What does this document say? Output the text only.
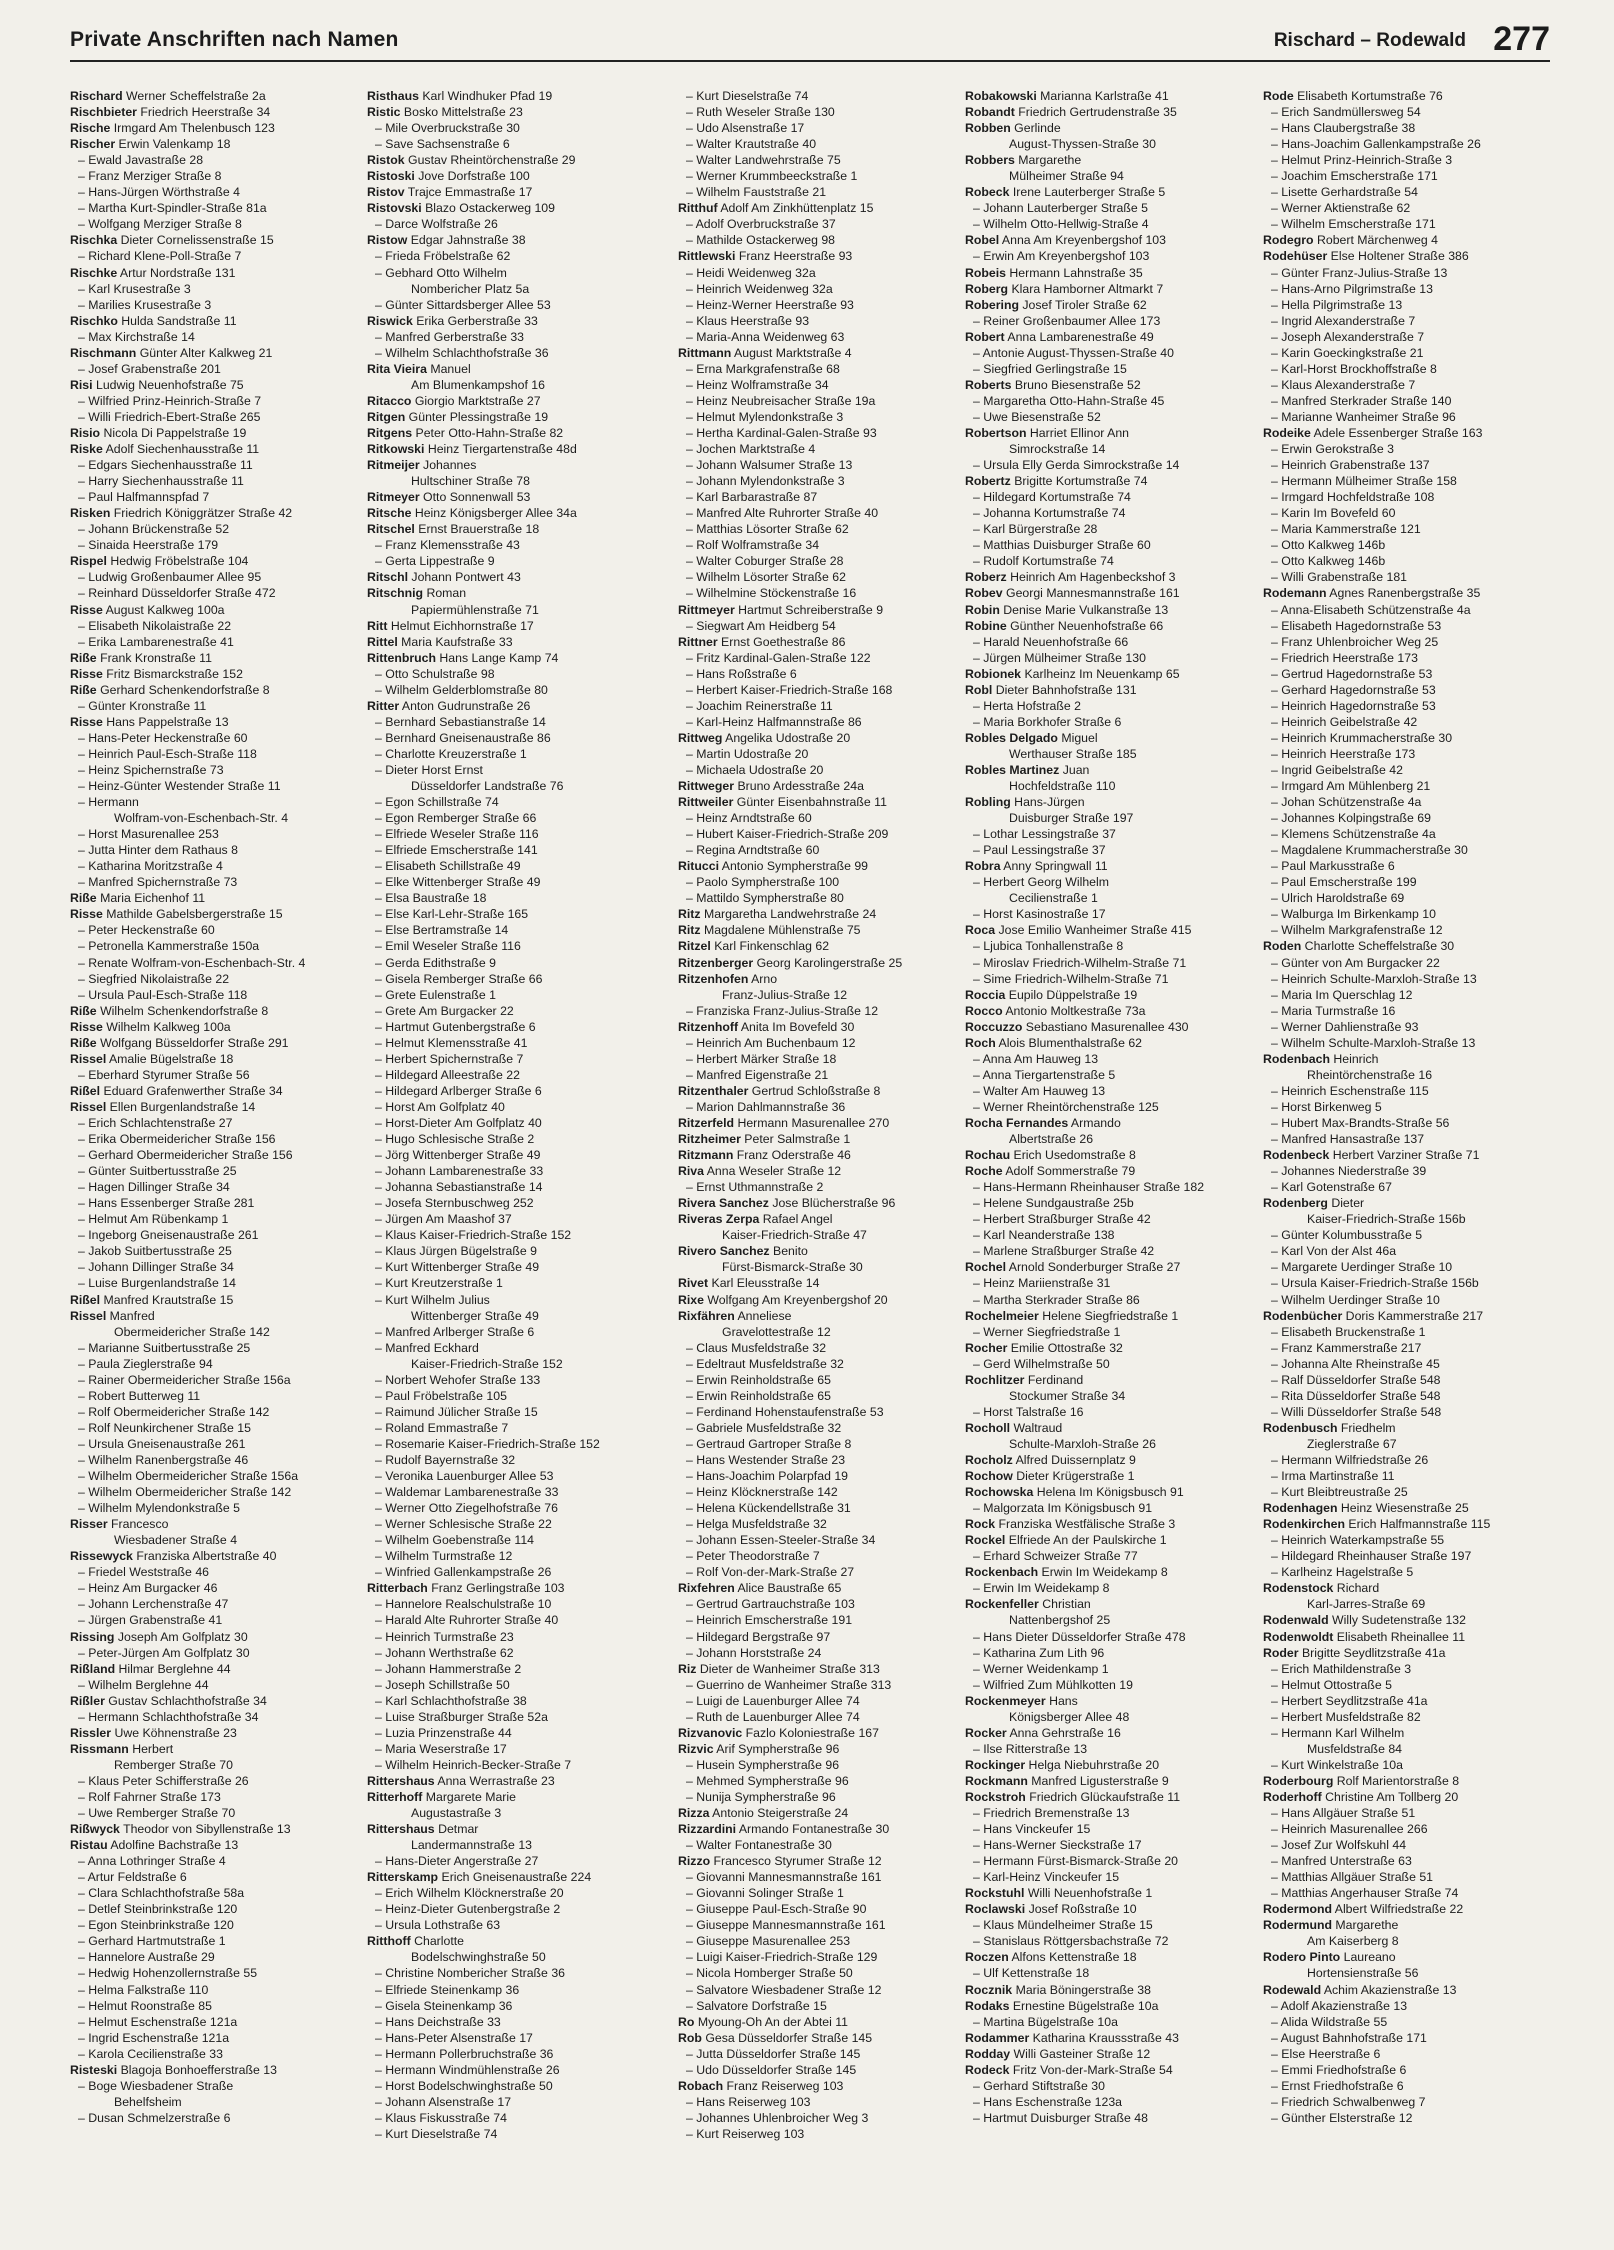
Private Anschriften nach Namen	Rischard – Rodewald 277
Rischard Werner Scheffelstraße 2a
Rischbieter Friedrich Heerstraße 34
Rische Irmgard Am Thelenbusch 123
Rischer Erwin Valenkamp 18
– Ewald Javastraße 28
– Franz Merziger Straße 8
– Hans-Jürgen Wörthstraße 4
– Martha Kurt-Spindler-Straße 81a
– Wolfgang Merziger Straße 8
Rischka Dieter Cornelissenstraße 15
– Richard Klene-Poll-Straße 7
Rischke Artur Nordstraße 131
– Karl Krusestraße 3
– Marilies Krusestraße 3
Rischko Hulda Sandstraße 11
– Max Kirchstraße 14
Rischmann Günter Alter Kalkweg 21
– Josef Grabenstraße 201
Risi Ludwig Neuenhofstraße 75
– Wilfried Prinz-Heinrich-Straße 7
– Willi Friedrich-Ebert-Straße 265
Risio Nicola Di Pappelstraße 19
Riske Adolf Siechenhausstraße 11
– Edgars Siechenhausstraße 11
– Harry Siechenhausstraße 11
– Paul Halfmannspfad 7
Risken Friedrich Königgrätzer Straße 42
– Johann Brückenstraße 52
– Sinaida Heerstraße 179
Rispel Hedwig Fröbelstraße 104
– Ludwig Großenbaumer Allee 95
– Reinhard Düsseldorfer Straße 472
Risse August Kalkweg 100a
– Elisabeth Nikolaistraße 22
– Erika Lambarenestraße 41
Riße Frank Kronstraße 11
Risse Fritz Bismarckstraße 152
Riße Gerhard Schenkendorfstraße 8
– Günter Kronstraße 11
Risse Hans Pappelstraße 13
– Hans-Peter Heckenstraße 60
– Heinrich Paul-Esch-Straße 118
– Heinz Spichernstraße 73
– Heinz-Günter Westender Straße 11
– Hermann
Wolfram-von-Eschenbach-Str. 4
– Horst Masurenallee 253
– Jutta Hinter dem Rathaus 8
– Katharina Moritzstraße 4
– Manfred Spichernstraße 73
Riße Maria Eichenhof 11
Risse Mathilde Gabelsbergerstraße 15
– Peter Heckenstraße 60
– Petronella Kammerstraße 150a
– Renate Wolfram-von-Eschenbach-Str. 4
– Siegfried Nikolaistraße 22
– Ursula Paul-Esch-Straße 118
Riße Wilhelm Schenkendorfstraße 8
Risse Wilhelm Kalkweg 100a
Riße Wolfgang Büsseldorfer Straße 291
Rissel Amalie Bügelstraße 18
– Eberhard Styrumer Straße 56
Rißel Eduard Grafenwerther Straße 34
Rissel Ellen Burgenlandstraße 14
– Erich Schlachtenstraße 27
– Erika Obermeidericher Straße 156
– Gerhard Obermeidericher Straße 156
– Günter Suitbertusstraße 25
– Hagen Dillinger Straße 34
– Hans Essenberger Straße 281
– Helmut Am Rübenkamp 1
– Ingeborg Gneisenaustraße 261
– Jakob Suitbertusstraße 25
– Johann Dillinger Straße 34
– Luise Burgenlandstraße 14
Rißel Manfred Krautstraße 15
Rissel Manfred
Obermeidericher Straße 142
– Marianne Suitbertusstraße 25
– Paula Zieglerstraße 94
– Rainer Obermeidericher Straße 156a
– Robert Butterweg 11
– Rolf Obermeidericher Straße 142
– Rolf Neunkirchener Straße 15
– Ursula Gneisenaustraße 261
– Wilhelm Ranenbergstraße 46
– Wilhelm Obermeidericher Straße 156a
– Wilhelm Obermeidericher Straße 142
– Wilhelm Mylendonkstraße 5
Risser Francesco
Wiesbadener Straße 4
Rissewyck Franziska Albertstraße 40
– Friedel Weststraße 46
– Heinz Am Burgacker 46
– Johann Lerchenstraße 47
– Jürgen Grabenstraße 41
Rissing Joseph Am Golfplatz 30
– Peter-Jürgen Am Golfplatz 30
Rißland Hilmar Berglehne 44
– Wilhelm Berglehne 44
Rißler Gustav Schlachthofstraße 34
– Hermann Schlachthofstraße 34
Rissler Uwe Köhnenstraße 23
Rissmann Herbert
Remberger Straße 70
– Klaus Peter Schifferstraße 26
– Rolf Fahrner Straße 173
– Uwe Remberger Straße 70
Rißwyck Theodor von Sibyllenstraße 13
Ristau Adolfine Bachstraße 13
– Anna Lothringer Straße 4
– Artur Feldstraße 6
– Clara Schlachthofstraße 58a
– Detlef Steinbrinkstraße 120
– Egon Steinbrinkstraße 120
– Gerhard Hartmutstraße 1
– Hannelore Austraße 29
– Hedwig Hohenzollernstraße 55
– Helma Falkstraße 110
– Helmut Roonstraße 85
– Helmut Eschenstraße 121a
– Ingrid Eschenstraße 121a
– Karola Cecilienstraße 33
Risteski Blagoja Bonhoefferstraße 13
– Boge Wiesbadener Straße
Behelfsheim
– Dusan Schmelzerstraße 6
Risthaus Karl Windhuker Pfad 19
Ristic Bosko Mittelstraße 23
– Mile Overbruckstraße 30
– Save Sachsenstraße 6
Ristok Gustav Rheintörchenstraße 29
Ristoski Jove Dorfstraße 100
Ristov Trajce Emmastraße 17
Ristovski Blazo Ostackerweg 109
– Darce Wolfstraße 26
Ristow Edgar Jahnstraße 38
– Frieda Fröbelstraße 62
– Gebhard Otto Wilhelm
Nombericher Platz 5a
– Günter Sittardsberger Allee 53
Riswick Erika Gerberstraße 33
– Manfred Gerberstraße 33
– Wilhelm Schlachthofstraße 36
Rita Vieira Manuel
Am Blumenkampshof 16
Ritacco Giorgio Marktstraße 27
Ritgen Günter Plessingstraße 19
Ritgens Peter Otto-Hahn-Straße 82
Ritkowski Heinz Tiergartenstraße 48d
Ritmeijer Johannes
Hultschiner Straße 78
Ritmeyer Otto Sonnenwall 53
Ritsche Heinz Königsberger Allee 34a
Ritschel Ernst Brauerstraße 18
– Franz Klemensstraße 43
– Gerta Lippestraße 9
Ritschl Johann Pontwert 43
Ritschnig Roman
Papiermühlenstraße 71
Ritt Helmut Eichhornstraße 17
Rittel Maria Kaufstraße 33
Rittenbruch Hans Lange Kamp 74
– Otto Schulstraße 98
– Wilhelm Gelderblomstraße 80
Ritter Anton Gudrunstraße 26
– Bernhard Sebastianstraße 14
– Bernhard Gneisenaustraße 86
– Charlotte Kreuzerstraße 1
– Dieter Horst Ernst
Düsseldorfer Landstraße 76
– Egon Schillstraße 74
– Egon Remberger Straße 66
– Elfriede Weseler Straße 116
– Elfriede Emscherstraße 141
– Elisabeth Schillstraße 49
– Elke Wittenberger Straße 49
– Elsa Baustraße 18
– Else Karl-Lehr-Straße 165
– Else Bertramstraße 14
– Emil Weseler Straße 116
– Gerda Edithstraße 9
– Gisela Remberger Straße 66
– Grete Eulenstraße 1
– Grete Am Burgacker 22
– Hartmut Gutenbergstraße 6
– Helmut Klemensstraße 41
– Herbert Spichernstraße 7
– Hildegard Alleestraße 22
– Hildegard Arlberger Straße 6
– Horst Am Golfplatz 40
– Horst-Dieter Am Golfplatz 40
– Hugo Schlesische Straße 2
– Jörg Wittenberger Straße 49
– Johann Lambarenestraße 33
– Johanna Sebastianstraße 14
– Josefa Sternbuschweg 252
– Jürgen Am Maashof 37
– Klaus Kaiser-Friedrich-Straße 152
– Klaus Jürgen Bügelstraße 9
– Kurt Wittenberger Straße 49
– Kurt Kreutzerstraße 1
– Kurt Wilhelm Julius
Wittenberger Straße 49
– Manfred Arlberger Straße 6
– Manfred Eckhard
Kaiser-Friedrich-Straße 152
– Norbert Wehofer Straße 133
– Paul Fröbelstraße 105
– Raimund Jülicher Straße 15
– Roland Emmastraße 7
– Rosemarie Kaiser-Friedrich-Straße 152
– Rudolf Bayernstraße 32
– Veronika Lauenburger Allee 53
– Waldemar Lambarenestraße 33
– Werner Otto Ziegelhofstraße 76
– Werner Schlesische Straße 22
– Wilhelm Goebenstraße 114
– Wilhelm Turmstraße 12
– Winfried Gallenkampstraße 26
Ritterbach Franz Gerlingstraße 103
– Hannelore Realschulstraße 10
– Harald Alte Ruhrorter Straße 40
– Heinrich Turmstraße 23
– Johann Werthstraße 62
– Johann Hammerstraße 2
– Joseph Schillstraße 50
– Karl Schlachthofstraße 38
– Luise Straßburger Straße 52a
– Luzia Prinzenstraße 44
– Maria Weserstraße 17
– Wilhelm Heinrich-Becker-Straße 7
Rittershaus Anna Werrastraße 23
Ritterhoff Margarete Marie
Augustastraße 3
Rittershaus Detmar
Landermannstraße 13
– Hans-Dieter Angerstraße 27
Ritterskamp Erich Gneisenaustraße 224
– Erich Wilhelm Klöcknerstraße 20
– Heinz-Dieter Gutenbergstraße 2
– Ursula Lothstraße 63
Ritthoff Charlotte
Bodelschwinghstraße 50
– Christine Nombericher Straße 36
– Elfriede Steinenkamp 36
– Gisela Steinenkamp 36
– Hans Deichstraße 33
– Hans-Peter Alsenstraße 17
– Hermann Pollerbruchstraße 36
– Hermann Windmühlenstraße 26
– Horst Bodelschwinghstraße 50
– Johann Alsenstraße 17
– Klaus Fiskusstraße 74
– Kurt Dieselstraße 74
– Kurt Dieselstraße 74
– Ruth Weseler Straße 130
– Udo Alsenstraße 17
– Walter Krautstraße 40
– Walter Landwehrstraße 75
– Werner Krummbeeckstraße 1
– Wilhelm Fauststraße 21
Ritthuf Adolf Am Zinkhüttenplatz 15
– Adolf Overbruckstraße 37
– Mathilde Ostackerweg 98
Rittlewski Franz Heerstraße 93
– Heidi Weidenweg 32a
– Heinrich Weidenweg 32a
– Heinz-Werner Heerstraße 93
– Klaus Heerstraße 93
– Maria-Anna Weidenweg 63
Rittmann August Marktstraße 4
– Erna Markgrafenstraße 68
– Heinz Wolframstraße 34
– Heinz Neubreisacher Straße 19a
– Helmut Mylendonkstraße 3
– Hertha Kardinal-Galen-Straße 93
– Jochen Marktstraße 4
– Johann Walsumer Straße 13
– Johann Mylendonkstraße 3
– Karl Barbarastraße 87
– Manfred Alte Ruhrorter Straße 40
– Matthias Lösorter Straße 62
– Rolf Wolframstraße 34
– Walter Coburger Straße 28
– Wilhelm Lösorter Straße 62
– Wilhelmine Stöckenstraße 16
Rittmeyer Hartmut Schreiberstraße 9
– Siegwart Am Heidberg 54
Rittner Ernst Goethestraße 86
– Fritz Kardinal-Galen-Straße 122
– Hans Roßstraße 6
– Herbert Kaiser-Friedrich-Straße 168
– Joachim Reinerstraße 11
– Karl-Heinz Halfmannstraße 86
Rittweg Angelika Udostraße 20
– Martin Udostraße 20
– Michaela Udostraße 20
Rittweger Bruno Ardesstraße 24a
Rittweiler Günter Eisenbahnstraße 11
– Heinz Arndtstraße 60
– Hubert Kaiser-Friedrich-Straße 209
– Regina Arndtstraße 60
Ritucci Antonio Sympherstraße 99
– Paolo Sympherstraße 100
– Mattildo Sympherstraße 80
Ritz Margaretha Landwehrstraße 24
Ritz Magdalene Mühlenstraße 75
Ritzel Karl Finkenschlag 62
Ritzenberger Georg Karolingerstraße 25
Ritzenhofen Arno
Franz-Julius-Straße 12
– Franziska Franz-Julius-Straße 12
Ritzenhoff Anita Im Bovefeld 30
– Heinrich Am Buchenbaum 12
– Herbert Märker Straße 18
– Manfred Eigenstraße 21
Ritzenthaler Gertrud Schloßstraße 8
– Marion Dahlmannstraße 36
Ritzerfeld Hermann Masurenallee 270
Ritzheimer Peter Salmstraße 1
Ritzmann Franz Oderstraße 46
Riva Anna Weseler Straße 12
– Ernst Uthmannstraße 2
Rivera Sanchez Jose Blücherstraße 96
Riveras Zerpa Rafael Angel
Kaiser-Friedrich-Straße 47
Rivero Sanchez Benito
Fürst-Bismarck-Straße 30
Rivet Karl Eleusstraße 14
Rixe Wolfgang Am Kreyenbergshof 20
Rixfähren Anneliese
Gravelottestraße 12
– Claus Musfeldstraße 32
– Edeltraut Musfeldstraße 32
– Erwin Reinholdstraße 65
– Erwin Reinholdstraße 65
– Ferdinand Hohenstaufenstraße 53
– Gabriele Musfeldstraße 32
– Gertraud Gartroper Straße 8
– Hans Westender Straße 23
– Hans-Joachim Polarpfad 19
– Heinz Klöcknerstraße 142
– Helena Kückendellstraße 31
– Helga Musfeldstraße 32
– Johann Essen-Steeler-Straße 34
– Peter Theodorstraße 7
– Rolf Von-der-Mark-Straße 27
Rixfehren Alice Baustraße 65
– Gertrud Gartrauchstraße 103
– Heinrich Emscherstraße 191
– Hildegard Bergstraße 97
– Johann Horststraße 24
Riz Dieter de Wanheimer Straße 313
– Guerrino de Wanheimer Straße 313
– Luigi de Lauenburger Allee 74
– Ruth de Lauenburger Allee 74
Rizvanovic Fazlo Koloniestraße 167
Rizvic Arif Sympherstraße 96
– Husein Sympherstraße 96
– Mehmed Sympherstraße 96
– Nunija Sympherstraße 96
Rizza Antonio Steigerstraße 24
Rizzardini Armando Fontanestraße 30
– Walter Fontanestraße 30
Rizzo Francesco Styrumer Straße 12
– Giovanni Mannesmannstraße 161
– Giovanni Solinger Straße 1
– Giuseppe Paul-Esch-Straße 90
– Giuseppe Mannesmannstraße 161
– Giuseppe Masurenallee 253
– Luigi Kaiser-Friedrich-Straße 129
– Nicola Homberger Straße 50
– Salvatore Wiesbadener Straße 12
– Salvatore Dorfstraße 15
Ro Myoung-Oh An der Abtei 11
Rob Gesa Düsseldorfer Straße 145
– Jutta Düsseldorfer Straße 145
– Udo Düsseldorfer Straße 145
Robach Franz Reiserweg 103
– Hans Reiserweg 103
– Johannes Uhlenbroicher Weg 3
– Kurt Reiserweg 103
Robakowski Marianna Karlstraße 41
Robandt Friedrich Gertrudenstraße 35
Robben Gerlinde
August-Thyssen-Straße 30
Robbers Margarethe
Mülheimer Straße 94
Robeck Irene Lauterberger Straße 5
– Johann Lauterberger Straße 5
– Wilhelm Otto-Hellwig-Straße 4
Robel Anna Am Kreyenbergshof 103
– Erwin Am Kreyenbergshof 103
Robeis Hermann Lahnstraße 35
Roberg Klara Hamborner Altmarkt 7
Robering Josef Tiroler Straße 62
– Reiner Großenbaumer Allee 173
Robert Anna Lambarenestraße 49
– Antonie August-Thyssen-Straße 40
– Siegfried Gerlingstraße 15
Roberts Bruno Biesenstraße 52
– Margaretha Otto-Hahn-Straße 45
– Uwe Biesenstraße 52
Robertson Harriet Ellinor Ann
Simrockstraße 14
– Ursula Elly Gerda Simrockstraße 14
Robertz Brigitte Kortumstraße 74
– Hildegard Kortumstraße 74
– Johanna Kortumstraße 74
– Karl Bürgerstraße 28
– Matthias Duisburger Straße 60
– Rudolf Kortumstraße 74
Roberz Heinrich Am Hagenbeckshof 3
Robev Georgi Mannesmannstraße 161
Robin Denise Marie Vulkanstraße 13
Robine Günther Neuenhofstraße 66
– Harald Neuenhofstraße 66
– Jürgen Mülheimer Straße 130
Robionek Karlheinz Im Neuenkamp 65
Robl Dieter Bahnhofstraße 131
– Herta Hofstraße 2
– Maria Borkhofer Straße 6
Robles Delgado Miguel
Werthauser Straße 185
Robles Martinez Juan
Hochfeldstraße 110
Robling Hans-Jürgen
Duisburger Straße 197
– Lothar Lessingstraße 37
– Paul Lessingstraße 37
Robra Anny Springwall 11
– Herbert Georg Wilhelm
Cecilienstraße 1
– Horst Kasinostraße 17
Roca Jose Emilio Wanheimer Straße 415
– Ljubica Tonhallenstraße 8
– Miroslav Friedrich-Wilhelm-Straße 71
– Sime Friedrich-Wilhelm-Straße 71
Roccia Eupilo Düppelstraße 19
Rocco Antonio Moltkestraße 73a
Roccuzzo Sebastiano Masurenallee 430
Roch Alois Blumenthalstraße 62
– Anna Am Hauweg 13
– Anna Tiergartenstraße 5
– Walter Am Hauweg 13
– Werner Rheintörchenstraße 125
Rocha Fernandes Armando
Albertstraße 26
Rochau Erich Usedomstraße 8
Roche Adolf Sommerstraße 79
– Hans-Hermann Rheinhauser Straße 182
– Helene Sundgaustraße 25b
– Herbert Straßburger Straße 42
– Karl Neanderstraße 138
– Marlene Straßburger Straße 42
Rochel Arnold Sonderburger Straße 27
– Heinz Mariienstraße 31
– Martha Sterkrader Straße 86
Rochelmeier Helene Siegfriedstraße 1
– Werner Siegfriedstraße 1
Rocher Emilie Ottostraße 32
– Gerd Wilhelmstraße 50
Rochlitzer Ferdinand
Stockumer Straße 34
– Horst Talstraße 16
Rocholl Waltraud
Schulte-Marxloh-Straße 26
Rocholz Alfred Duissernplatz 9
Rochow Dieter Krügerstraße 1
Rochowska Helena Im Königsbusch 91
– Malgorzata Im Königsbusch 91
Rock Franziska Westfälische Straße 3
Rockel Elfriede An der Paulskirche 1
– Erhard Schweizer Straße 77
Rockenbach Erwin Im Weidekamp 8
– Erwin Im Weidekamp 8
Rockenfeller Christian
Nattenbergshof 25
– Hans Dieter Düsseldorfer Straße 478
– Katharina Zum Lith 96
– Werner Weidenkamp 1
– Wilfried Zum Mühlkotten 19
Rockenmeyer Hans
Königsberger Allee 48
Rocker Anna Gehrstraße 16
– Ilse Ritterstraße 13
Rockinger Helga Niebuhrstraße 20
Rockmann Manfred Ligusterstraße 9
Rockstroh Friedrich Glückaufstraße 11
– Friedrich Bremenstraße 13
– Hans Vinckeufer 15
– Hans-Werner Sieckstraße 17
– Hermann Fürst-Bismarck-Straße 20
– Karl-Heinz Vinckeufer 15
Rockstuhl Willi Neuenhofstraße 1
Roclawski Josef Roßstraße 10
– Klaus Mündelheimer Straße 15
– Stanislaus Röttgersbachstraße 72
Roczen Alfons Kettenstraße 18
– Ulf Kettenstraße 18
Rocznik Maria Böningerstraße 38
Rodaks Ernestine Bügelstraße 10a
– Martina Bügelstraße 10a
Rodammer Katharina Kraussstraße 43
Rodday Willi Gasteiner Straße 12
Rodeck Fritz Von-der-Mark-Straße 54
– Gerhard Stiftstraße 30
– Hans Eschenstraße 123a
– Hartmut Duisburger Straße 48
Rode Elisabeth Kortumstraße 76
– Erich Sandmüllersweg 54
– Hans Claubergstraße 38
– Hans-Joachim Gallenkampstraße 26
– Helmut Prinz-Heinrich-Straße 3
– Joachim Emscherstraße 171
– Lisette Gerhardstraße 54
– Werner Aktienstraße 62
– Wilhelm Emscherstraße 171
Rodegro Robert Märchenweg 4
Rodehüser Else Holtener Straße 386
– Günter Franz-Julius-Straße 13
– Hans-Arno Pilgrimstraße 13
– Hella Pilgrimstraße 13
– Ingrid Alexanderstraße 7
– Joseph Alexanderstraße 7
– Karin Goeckingkstraße 21
– Karl-Horst Brockhoffstraße 8
– Klaus Alexanderstraße 7
– Manfred Sterkrader Straße 140
– Marianne Wanheimer Straße 96
Rodeike Adele Essenberger Straße 163
– Erwin Gerokstraße 3
– Heinrich Grabenstraße 137
– Hermann Mülheimer Straße 158
– Irmgard Hochfeldstraße 108
– Karin Im Bovefeld 60
– Maria Kammerstraße 121
– Otto Kalkweg 146b
– Otto Kalkweg 146b
– Willi Grabenstraße 181
Rodemann Agnes Ranenbergstraße 35
– Anna-Elisabeth Schützenstraße 4a
– Elisabeth Hagedornstraße 53
– Franz Uhlenbroicher Weg 25
– Friedrich Heerstraße 173
– Gertrud Hagedornstraße 53
– Gerhard Hagedornstraße 53
– Heinrich Hagedornstraße 53
– Heinrich Geibelstraße 42
– Heinrich Krummacherstraße 30
– Heinrich Heerstraße 173
– Ingrid Geibelstraße 42
– Irmgard Am Mühlenberg 21
– Johan Schützenstraße 4a
– Johannes Kolpingstraße 69
– Klemens Schützenstraße 4a
– Magdalene Krummacherstraße 30
– Paul Markusstraße 6
– Paul Emscherstraße 199
– Ulrich Haroldstraße 69
– Walburga Im Birkenkamp 10
– Wilhelm Markgrafenstraße 12
Roden Charlotte Scheffelstraße 30
– Günter von Am Burgacker 22
– Heinrich Schulte-Marxloh-Straße 13
– Maria Im Querschlag 12
– Maria Turmstraße 16
– Werner Dahlienstraße 93
– Wilhelm Schulte-Marxloh-Straße 13
Rodenbach Heinrich
Rheintörchenstraße 16
– Heinrich Eschenstraße 115
– Horst Birkenweg 5
– Hubert Max-Brandts-Straße 56
– Manfred Hansastraße 137
Rodenbeck Herbert Varziner Straße 71
– Johannes Niederstraße 39
– Karl Gotenstraße 67
Rodenberg Dieter
Kaiser-Friedrich-Straße 156b
– Günter Kolumbusstraße 5
– Karl Von der Alst 46a
– Margarete Uerdinger Straße 10
– Ursula Kaiser-Friedrich-Straße 156b
– Wilhelm Uerdinger Straße 10
Rodenbücher Doris Kammerstraße 217
– Elisabeth Bruckenstraße 1
– Franz Kammerstraße 217
– Johanna Alte Rheinstraße 45
– Ralf Düsseldorfer Straße 548
– Rita Düsseldorfer Straße 548
– Willi Düsseldorfer Straße 548
Rodenbusch Friedhelm
Zieglerstraße 67
– Hermann Wilfriedstraße 26
– Irma Martinstraße 11
– Kurt Bleibtreustraße 25
Rodenhagen Heinz Wiesenstraße 25
Rodenkirchen Erich Halfmannstraße 115
– Heinrich Waterkampstraße 55
– Hildegard Rheinhauser Straße 197
– Karlheinz Hagelstraße 5
Rodenstock Richard
Karl-Jarres-Straße 69
Rodenwald Willy Sudetenstraße 132
Rodenwoldt Elisabeth Rheinallee 11
Roder Brigitte Seydlitzstraße 41a
– Erich Mathildenstraße 3
– Helmut Ottostraße 5
– Herbert Seydlitzstraße 41a
– Herbert Musfeldstraße 82
– Hermann Karl Wilhelm
Musfeldstraße 84
– Kurt Winkelstraße 10a
Roderbourg Rolf Marientorstraße 8
Roderhoff Christine Am Tollberg 20
– Hans Allgäuer Straße 51
– Heinrich Masurenallee 266
– Josef Zur Wolfskuhl 44
– Manfred Unterstraße 63
– Matthias Allgäuer Straße 51
– Matthias Angerhauser Straße 74
Rodermond Albert Wilfriedstraße 22
Rodermund Margarethe
Am Kaiserberg 8
Rodero Pinto Laureano
Hortensienstraße 56
Rodewald Achim Akazienstraße 13
– Adolf Akazienstraße 13
– Alida Wildstraße 55
– August Bahnhofstraße 171
– Else Heerstraße 6
– Emmi Friedhofstraße 6
– Ernst Friedhofstraße 6
– Friedrich Schwalbenweg 7
– Günther Elsterstraße 12
